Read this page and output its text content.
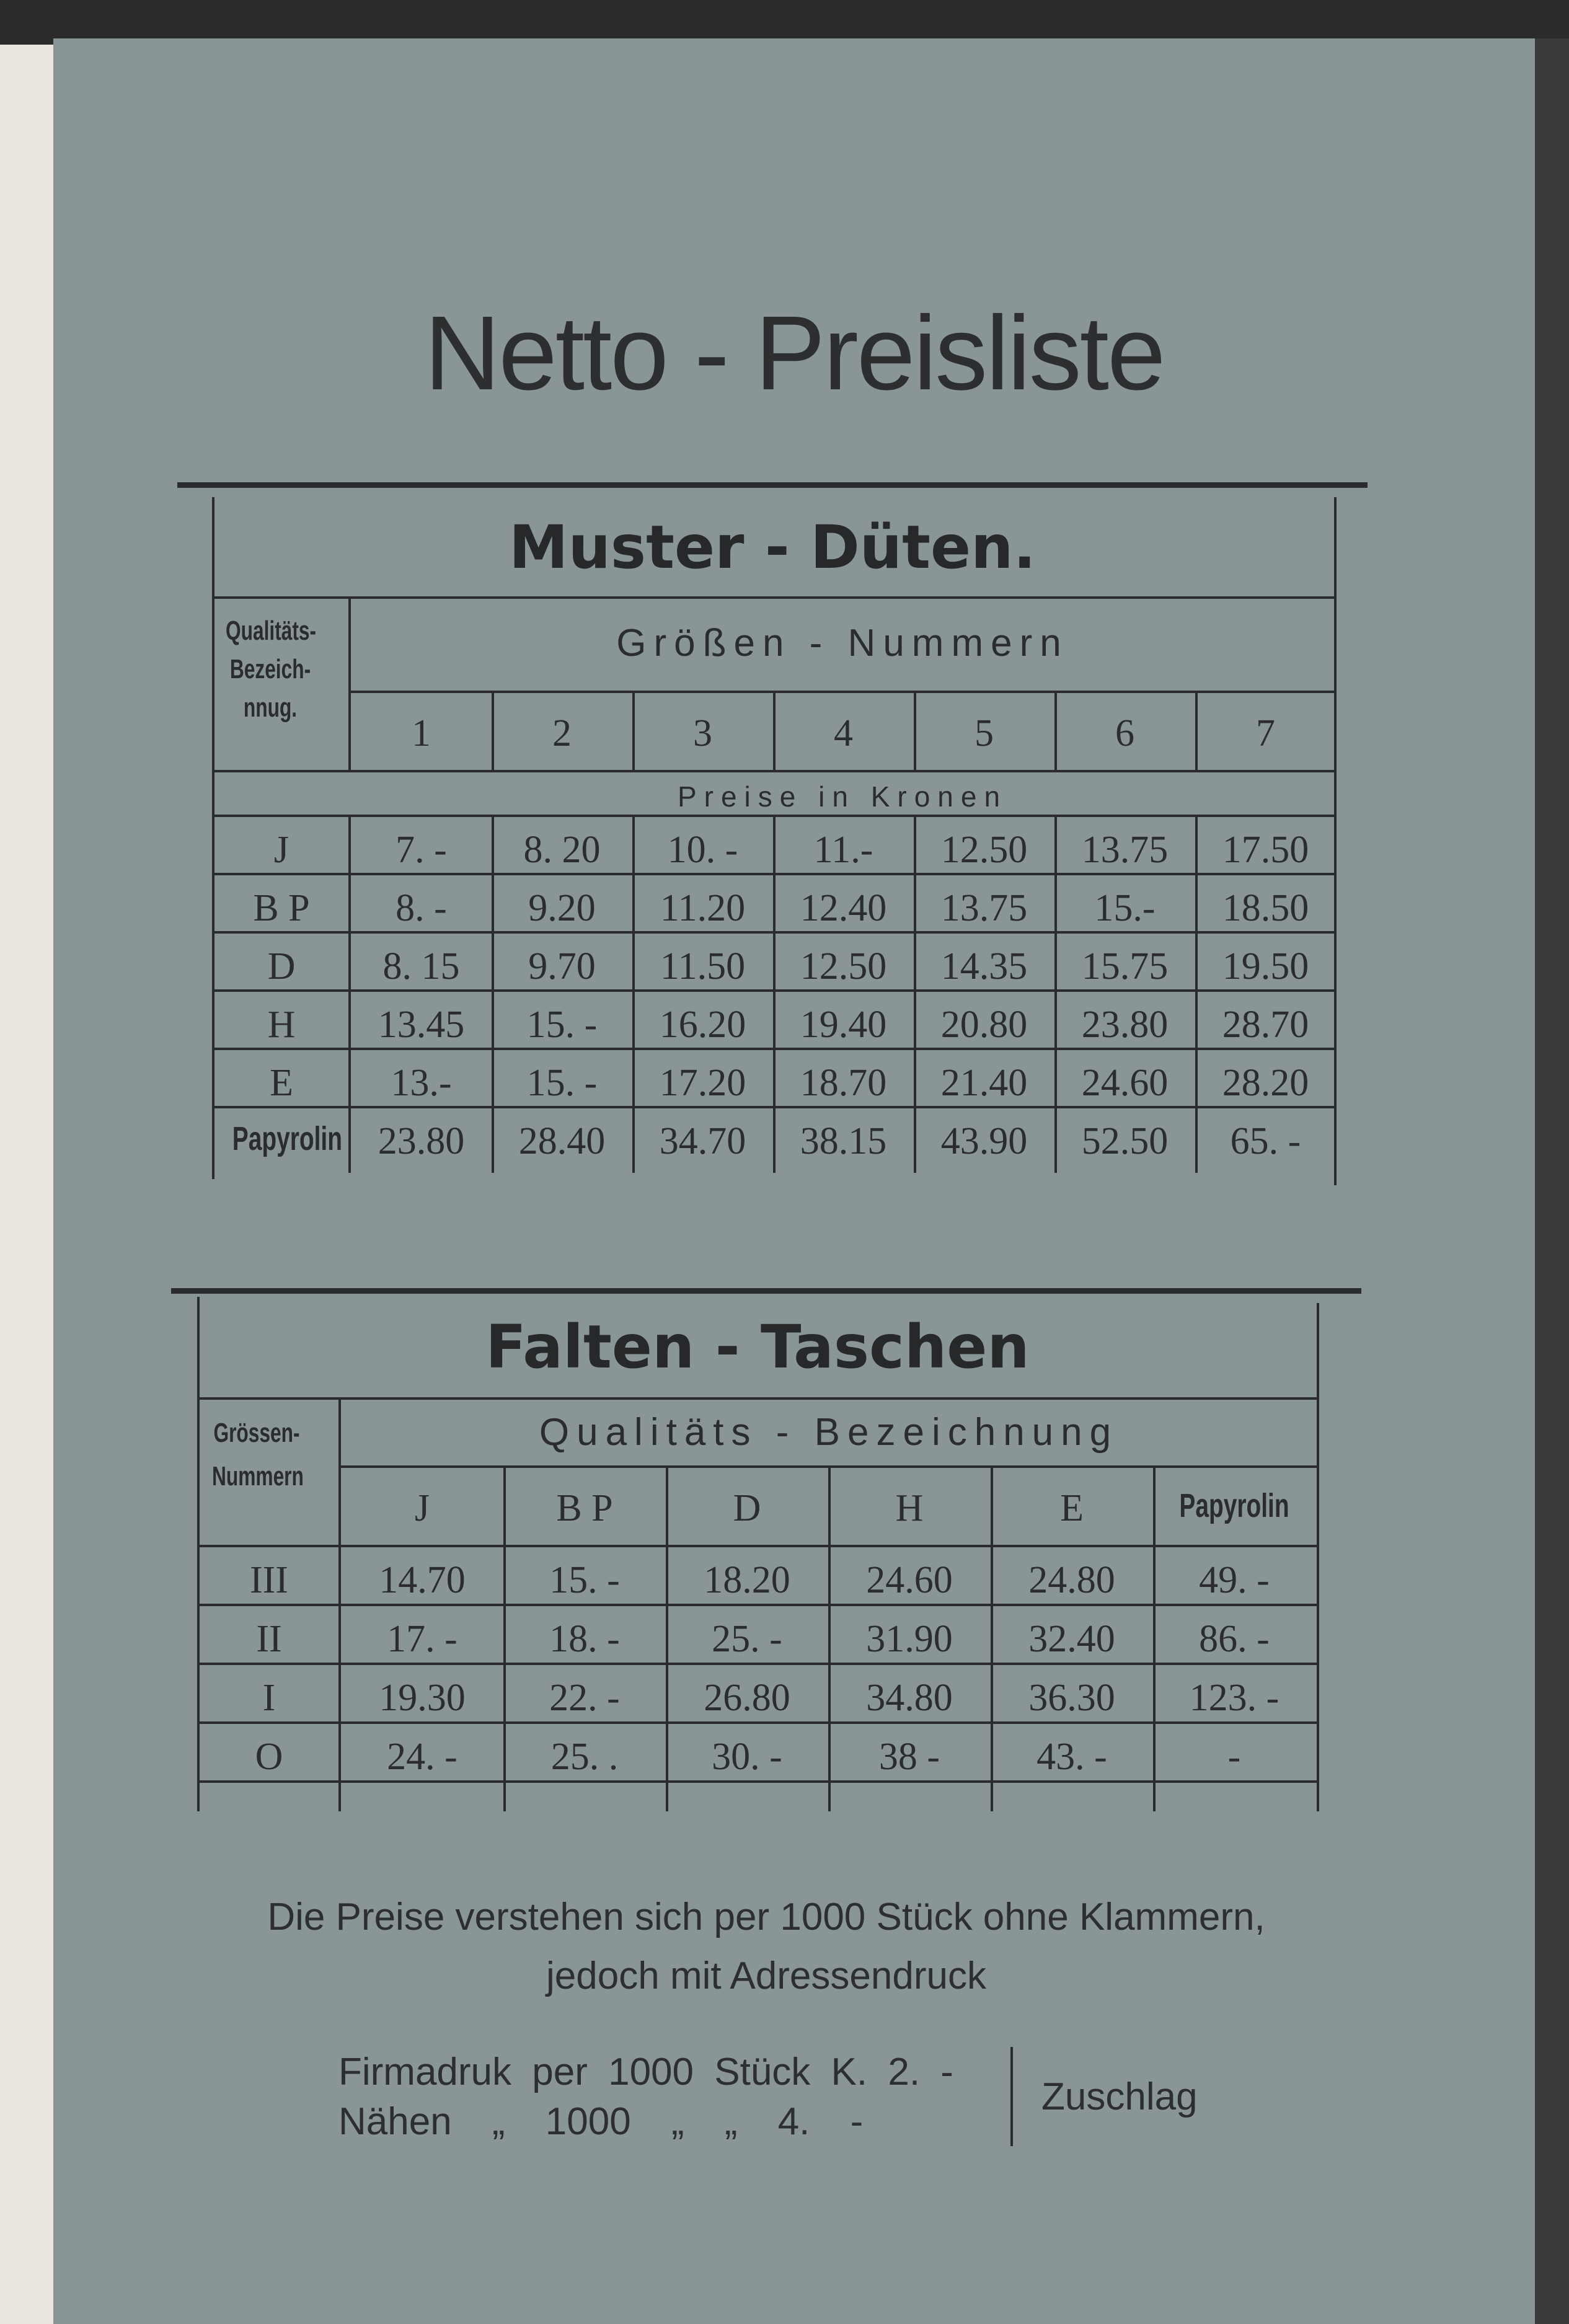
Netto - Preisliste
Muster - Düten.
Qualitäts-Bezeich-nnug.
Größen - Nummern
1	2	3	4	5	6	7
Preise in Kronen
J	7. -	8. 20	10. -	11.-	12.50	13.75	17.50
B P	8. -	9.20	11.20	12.40	13.75	15.-	18.50
D	8. 15	9.70	11.50	12.50	14.35	15.75	19.50
H	13.45	15. -	16.20	19.40	20.80	23.80	28.70
E	13.-	15. -	17.20	18.70	21.40	24.60	28.20
Papyrolin 23.80	28.40	34.70	38.15	43.90	52.50	65. -
Falten - Taschen
Grössen-Nummern
Qualitäts - Bezeichnung
J	B P	D	H	E	Papyrolin
III	14.70	15. -	18.20	24.60	24.80	49. -
II	17. -	18. -	25. -	31.90	32.40	86. -
I	19.30	22. -	26.80	34.80	36.30	123. -
O	24. -	25. .	30. -	38 -	43. -	-
Die Preise verstehen sich per 1000 Stück ohne Klammern,
jedoch mit Adressendruck
Firmadruk per 1000 Stück K. 2. -
Nähen „ 1000 „ „ 4. -
Zuschlag
